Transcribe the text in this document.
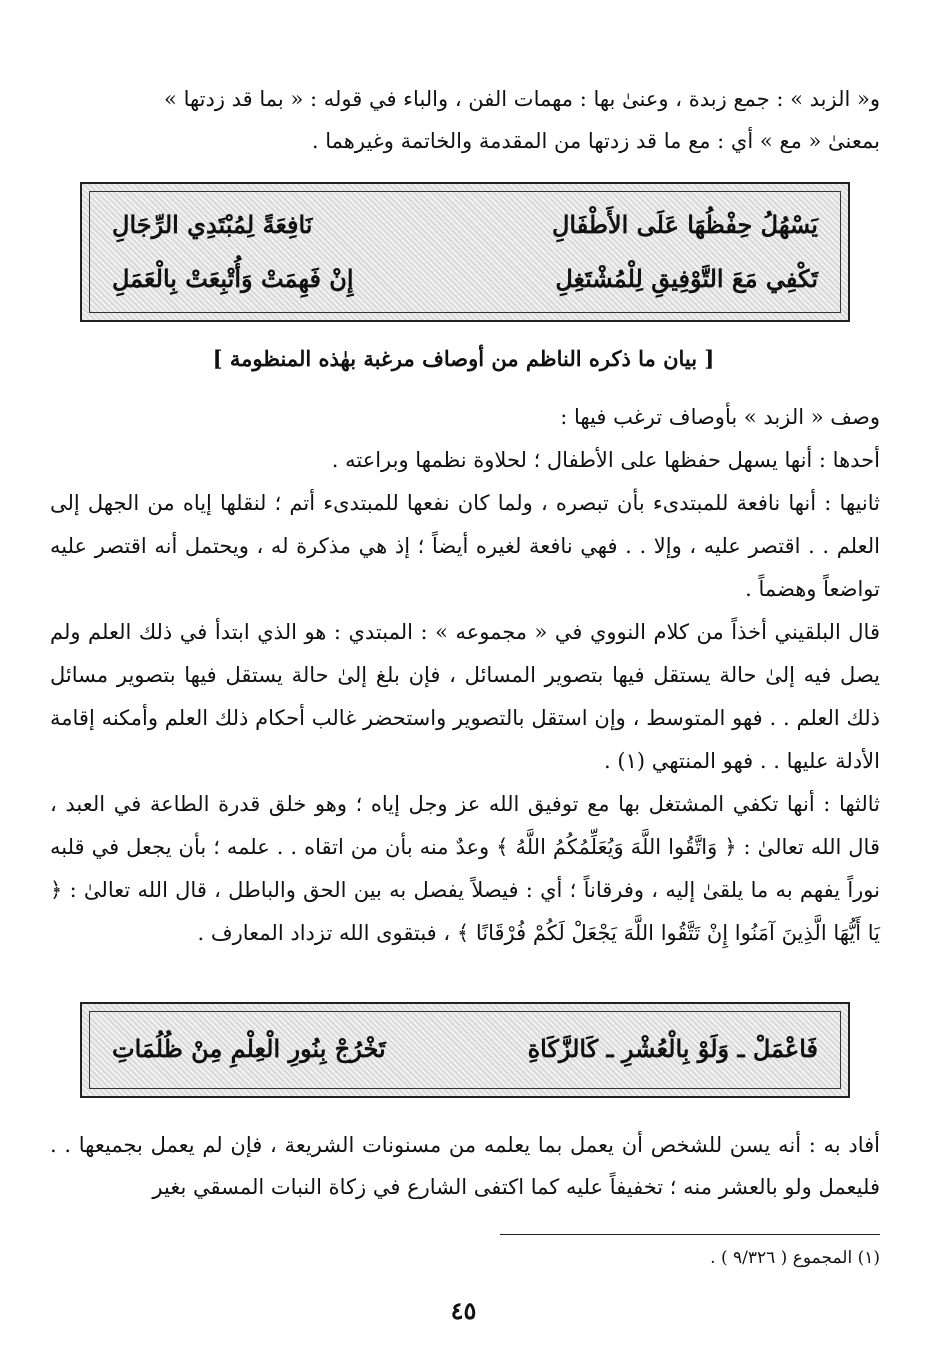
و« الزبد » : جمع زبدة ، وعنىٰ بها : مهمات الفن ، والباء في قوله : « بما قد زدتها »

بمعنىٰ « مع » أي : مع ما قد زدتها من المقدمة والخاتمة وغيرهما .

يَسْهُلُ حِفْظُهَا عَلَى الأَطْفَالِ
نَافِعَةً لِمُبْتَدِي الرِّجَالِ
تَكْفِي مَعَ التَّوْفِيقِ لِلْمُشْتَغِلِ
إِنْ فَهِمَتْ وَأُتْبِعَتْ بِالْعَمَلِ
[ بيان ما ذكره الناظم من أوصاف مرغبة بهٰذه المنظومة ]

وصف « الزبد » بأوصاف ترغب فيها :

أحدها : أنها يسهل حفظها على الأطفال ؛ لحلاوة نظمها وبراعته .

ثانيها : أنها نافعة للمبتدىء بأن تبصره ، ولما كان نفعها للمبتدىء أتم ؛ لنقلها إياه من الجهل إلى العلم . . اقتصر عليه ، وإلا . . فهي نافعة لغيره أيضاً ؛ إذ هي مذكرة له ، ويحتمل أنه اقتصر عليه تواضعاً وهضماً .

قال البلقيني أخذاً من كلام النووي في « مجموعه » : المبتدي : هو الذي ابتدأ في ذلك العلم ولم يصل فيه إلىٰ حالة يستقل فيها بتصوير المسائل ، فإن بلغ إلىٰ حالة يستقل فيها بتصوير مسائل ذلك العلم . . فهو المتوسط ، وإن استقل بالتصوير واستحضر غالب أحكام ذلك العلم وأمكنه إقامة الأدلة عليها . . فهو المنتهي (١) .

ثالثها : أنها تكفي المشتغل بها مع توفيق الله عز وجل إياه ؛ وهو خلق قدرة الطاعة في العبد ، قال الله تعالىٰ : ﴿ وَاتَّقُوا اللَّهَ وَيُعَلِّمُكُمُ اللَّهُ ﴾ وعدٌ منه بأن من اتقاه . . علمه ؛ بأن يجعل في قلبه نوراً يفهم به ما يلقىٰ إليه ، وفرقاناً ؛ أي : فيصلاً يفصل به بين الحق والباطل ، قال الله تعالىٰ : ﴿ يَا أَيُّهَا الَّذِينَ آمَنُوا إِنْ تَتَّقُوا اللَّهَ يَجْعَلْ لَكُمْ فُرْقَانًا ﴾ ، فبتقوى الله تزداد المعارف .

فَاعْمَلْ ـ وَلَوْ بِالْعُشْرِ ـ كَالزَّكَاةِ
تَخْرُجْ بِنُورِ الْعِلْمِ مِنْ ظُلُمَاتِ

أفاد به : أنه يسن للشخص أن يعمل بما يعلمه من مسنونات الشريعة ، فإن لم يعمل بجميعها . . فليعمل ولو بالعشر منه ؛ تخفيفاً عليه كما اكتفى الشارع في زكاة النبات المسقي بغير

(١) المجموع ( ٩/٣٢٦ ) .
٤٥
